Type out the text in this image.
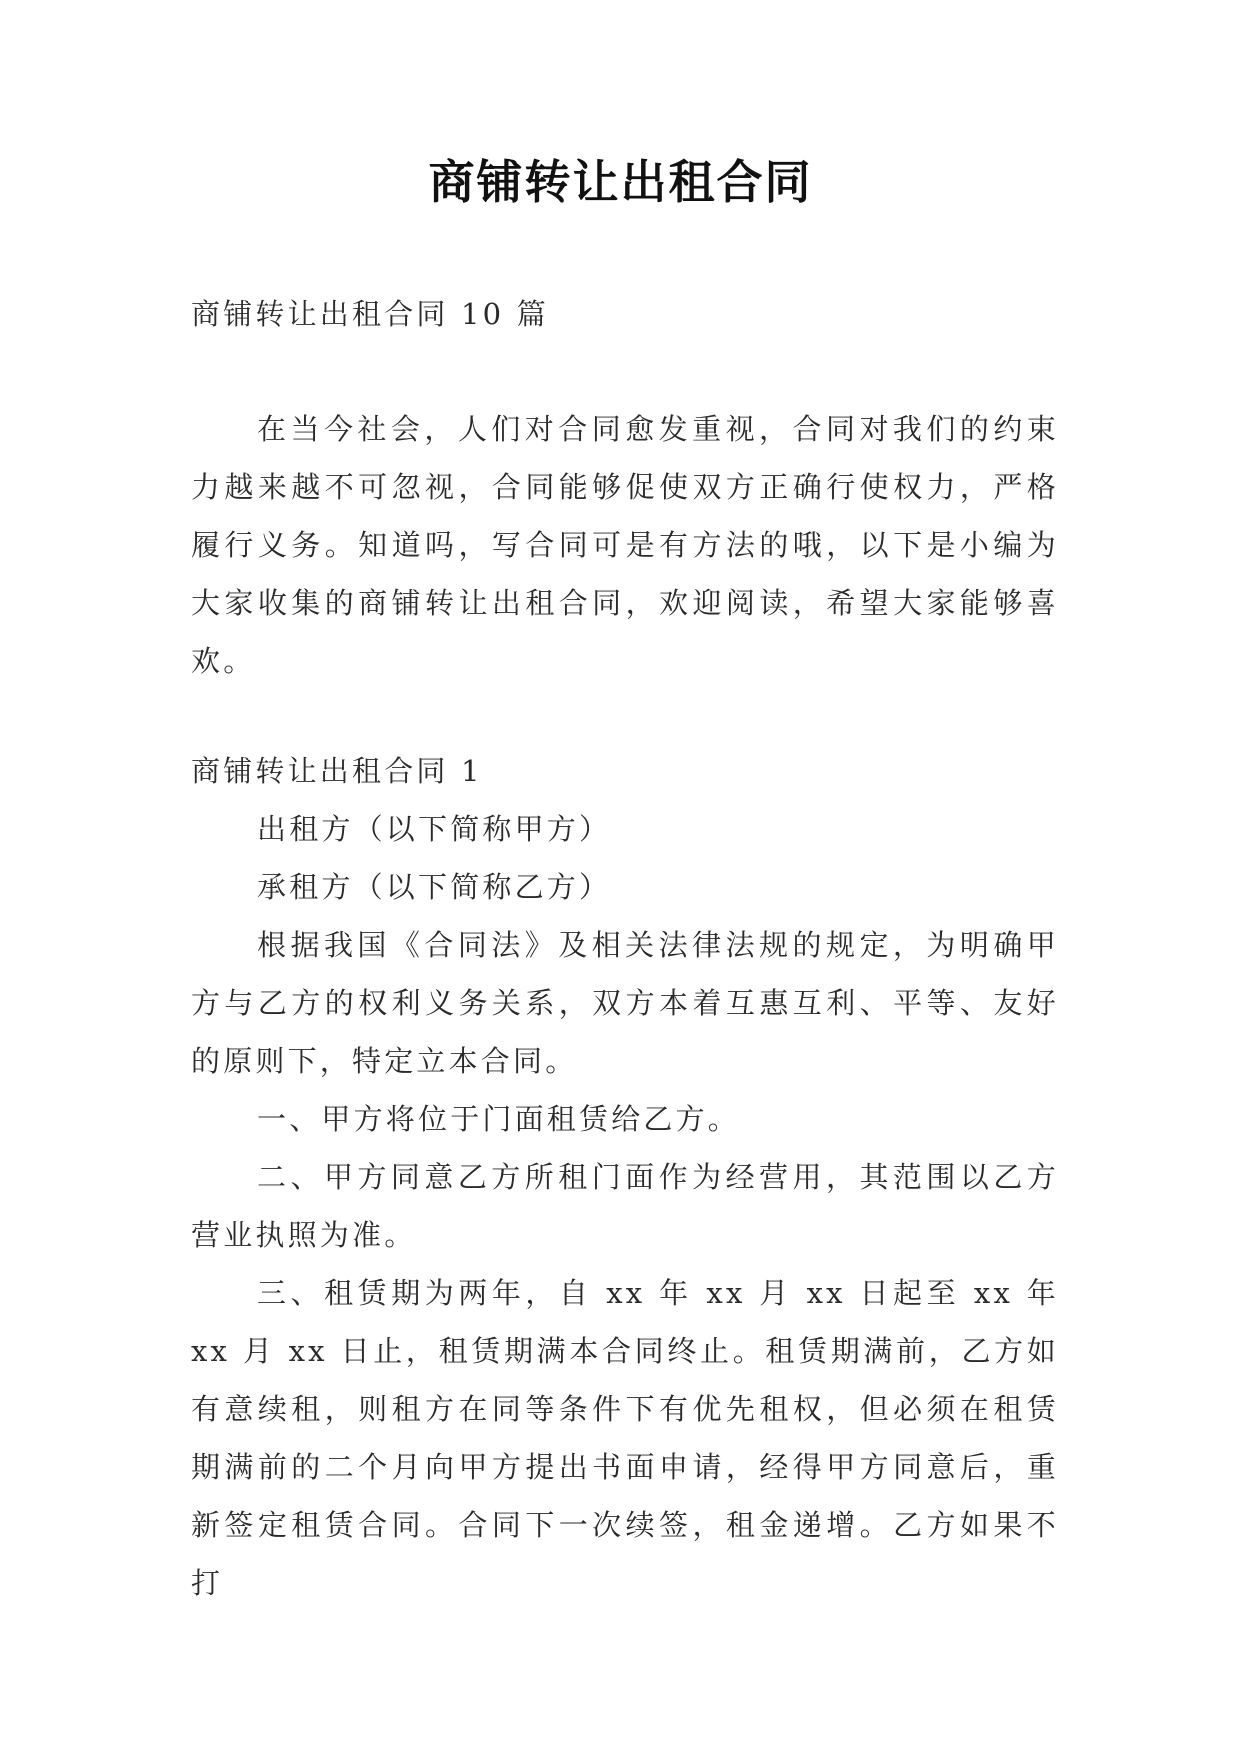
商铺转让出租合同

商铺转让出租合同 10 篇

在当今社会，人们对合同愈发重视，合同对我们的约束力越来越不可忽视，合同能够促使双方正确行使权力，严格履行义务。知道吗，写合同可是有方法的哦，以下是小编为大家收集的商铺转让出租合同，欢迎阅读，希望大家能够喜欢。

商铺转让出租合同 1

出租方（以下简称甲方）

承租方（以下简称乙方）

根据我国《合同法》及相关法律法规的规定，为明确甲方与乙方的权利义务关系，双方本着互惠互利、平等、友好的原则下，特定立本合同。

一、甲方将位于门面租赁给乙方。

二、甲方同意乙方所租门面作为经营用，其范围以乙方营业执照为准。

三、租赁期为两年，自 xx 年 xx 月 xx 日起至 xx 年 xx 月 xx 日止，租赁期满本合同终止。租赁期满前，乙方如有意续租，则租方在同等条件下有优先租权，但必须在租赁期满前的二个月向甲方提出书面申请，经得甲方同意后，重新签定租赁合同。合同下一次续签，租金递增。乙方如果不打
